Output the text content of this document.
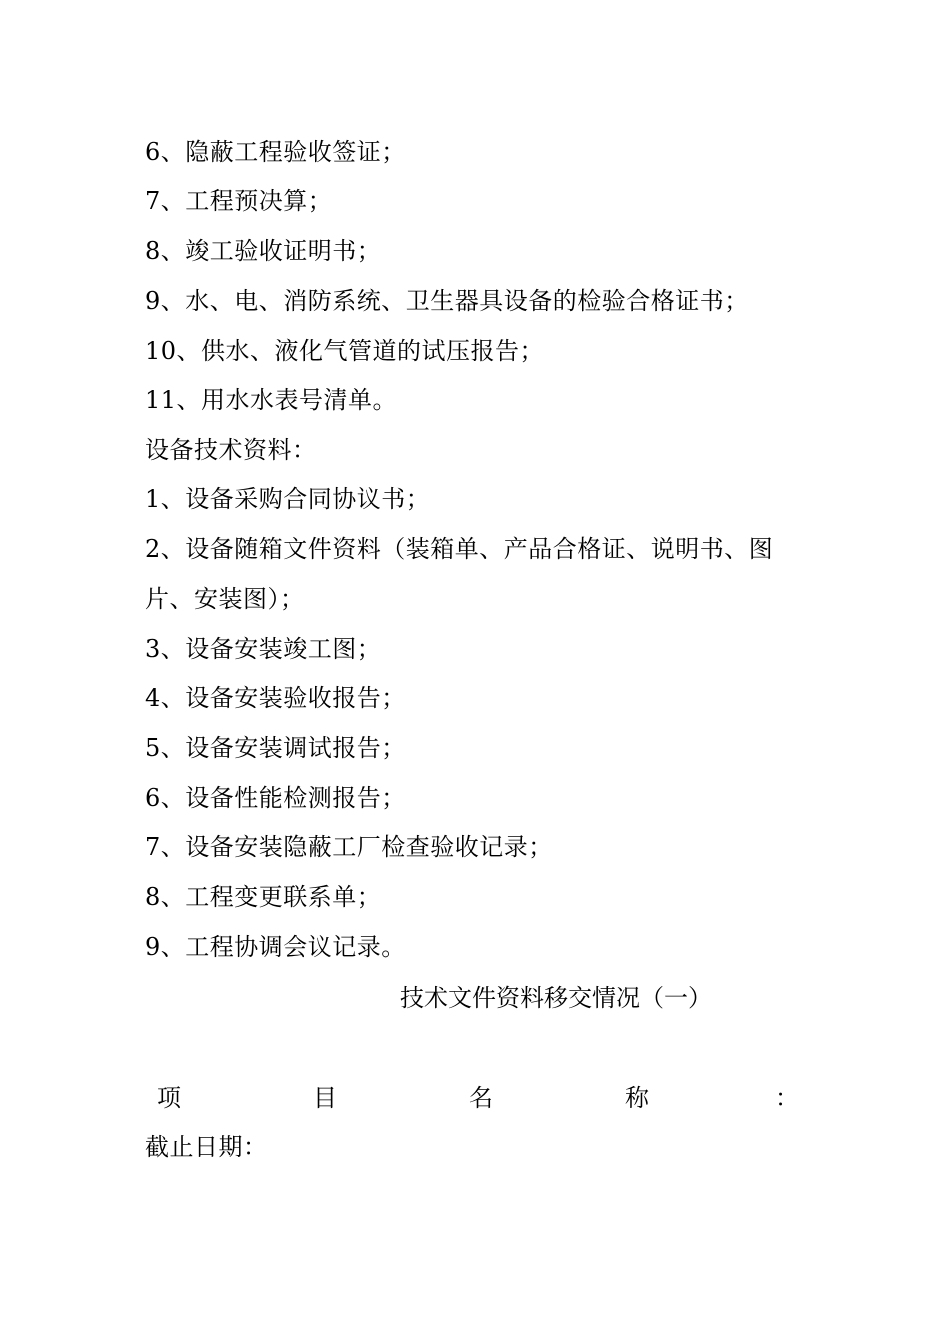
6、隐蔽工程验收签证；
7、工程预决算；
8、竣工验收证明书；
9、水、电、消防系统、卫生器具设备的检验合格证书；
10、供水、液化气管道的试压报告；
11、用水水表号清单。
设备技术资料：
1、设备采购合同协议书；
2、设备随箱文件资料（装箱单、产品合格证、说明书、图
片、安装图）；
3、设备安装竣工图；
4、设备安装验收报告；
5、设备安装调试报告；
6、设备性能检测报告；
7、设备安装隐蔽工厂检查验收记录；
8、工程变更联系单；
9、工程协调会议记录。
技术文件资料移交情况（一）
项	目	名	称	：
截止日期：
